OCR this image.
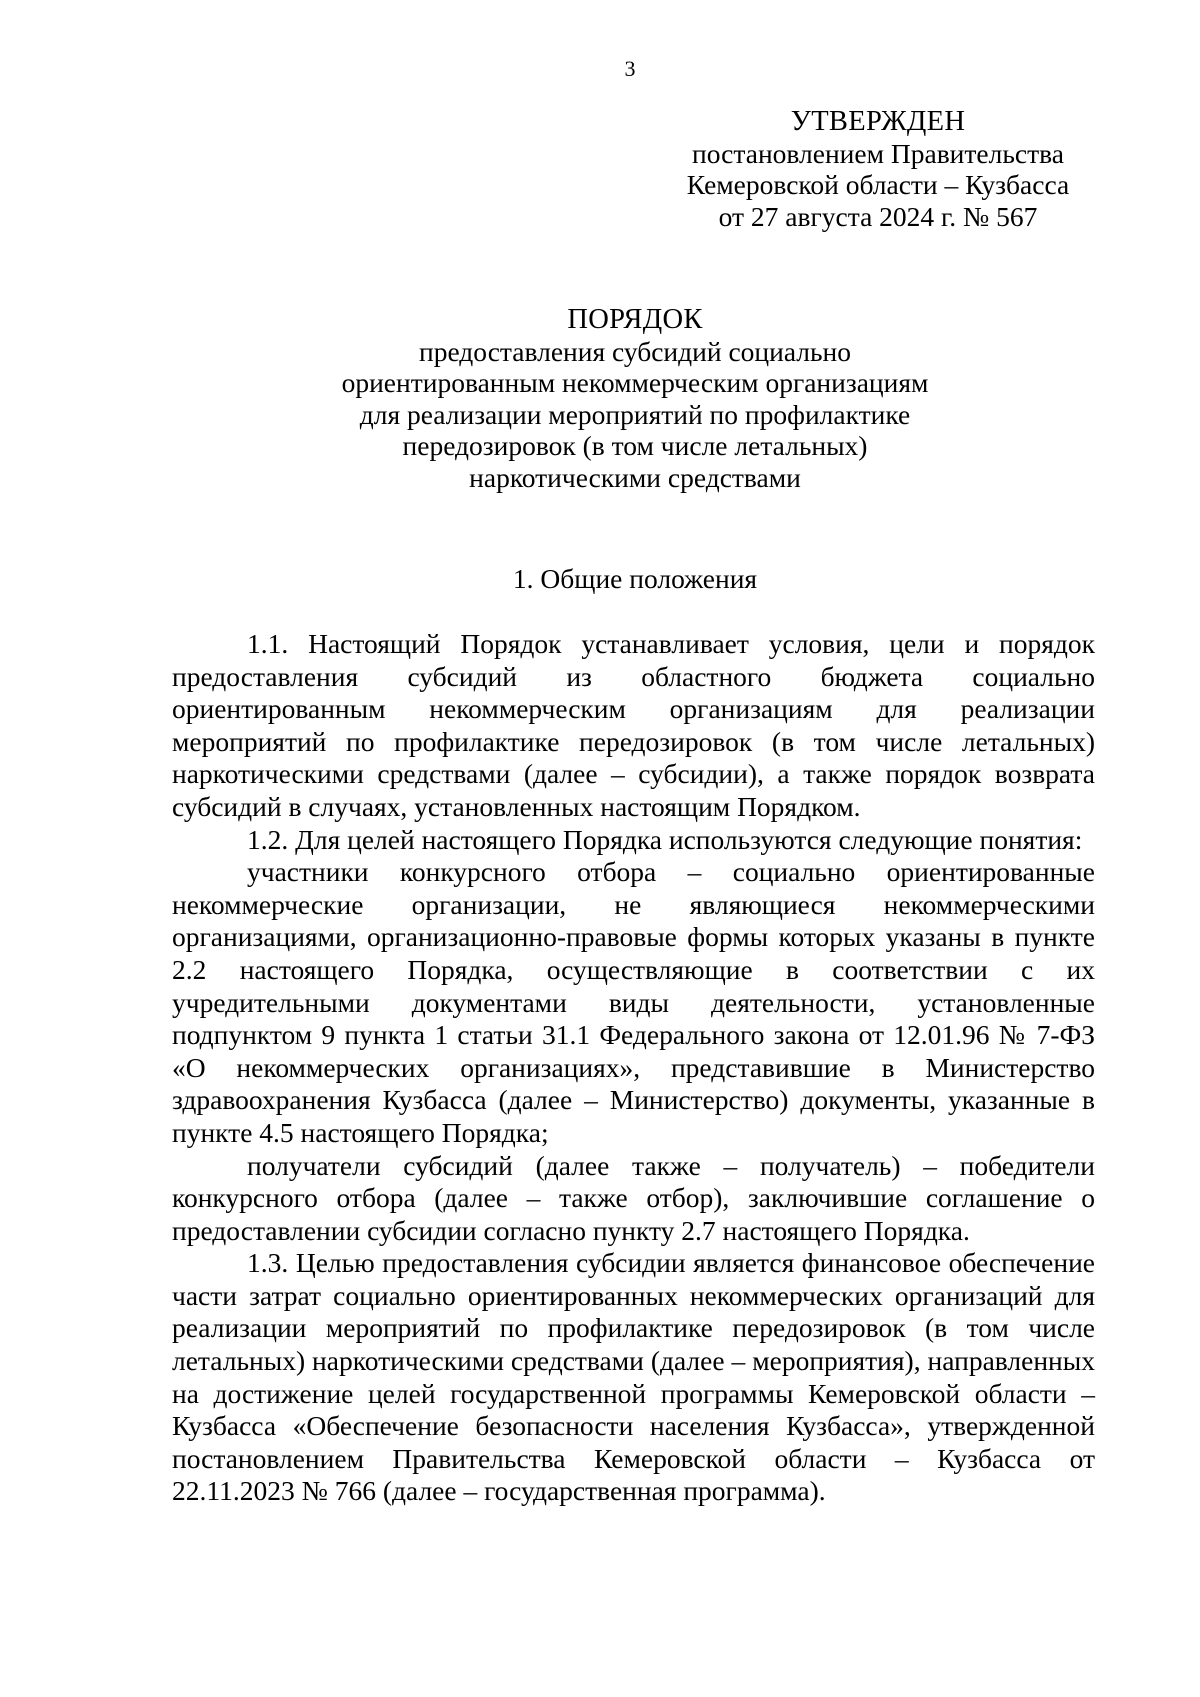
3
УТВЕРЖДЕН
постановлением Правительства
Кемеровской области – Кузбасса
от 27 августа 2024 г. № 567
ПОРЯДОК
предоставления субсидий социально
ориентированным некоммерческим организациям
для реализации мероприятий по профилактике
передозировок (в том числе летальных)
наркотическими средствами
1. Общие положения

1.1. Настоящий Порядок устанавливает условия, цели и порядок предоставления субсидий из областного бюджета социально ориентированным некоммерческим организациям для реализации мероприятий по профилактике передозировок (в том числе летальных) наркотическими средствами (далее – субсидии), а также порядок возврата субсидий в случаях, установленных настоящим Порядком.

1.2. Для целей настоящего Порядка используются следующие понятия:

участники конкурсного отбора – социально ориентированные некоммерческие организации, не являющиеся некоммерческими организациями, организационно-правовые формы которых указаны в пункте 2.2 настоящего Порядка, осуществляющие в соответствии с их учредительными документами виды деятельности, установленные подпунктом 9 пункта 1 статьи 31.1 Федерального закона от 12.01.96 № 7-ФЗ «О некоммерческих организациях», представившие в Министерство здравоохранения Кузбасса (далее – Министерство) документы, указанные в пункте 4.5 настоящего Порядка;

получатели субсидий (далее также – получатель) – победители конкурсного отбора (далее – также отбор), заключившие соглашение о предоставлении субсидии согласно пункту 2.7 настоящего Порядка.

1.3. Целью предоставления субсидии является финансовое обеспечение части затрат социально ориентированных некоммерческих организаций для реализации мероприятий по профилактике передозировок (в том числе летальных) наркотическими средствами (далее – мероприятия), направленных на достижение целей государственной программы Кемеровской области – Кузбасса «Обеспечение безопасности населения Кузбасса», утвержденной постановлением Правительства Кемеровской области – Кузбасса от 22.11.2023 № 766 (далее – государственная программа).
